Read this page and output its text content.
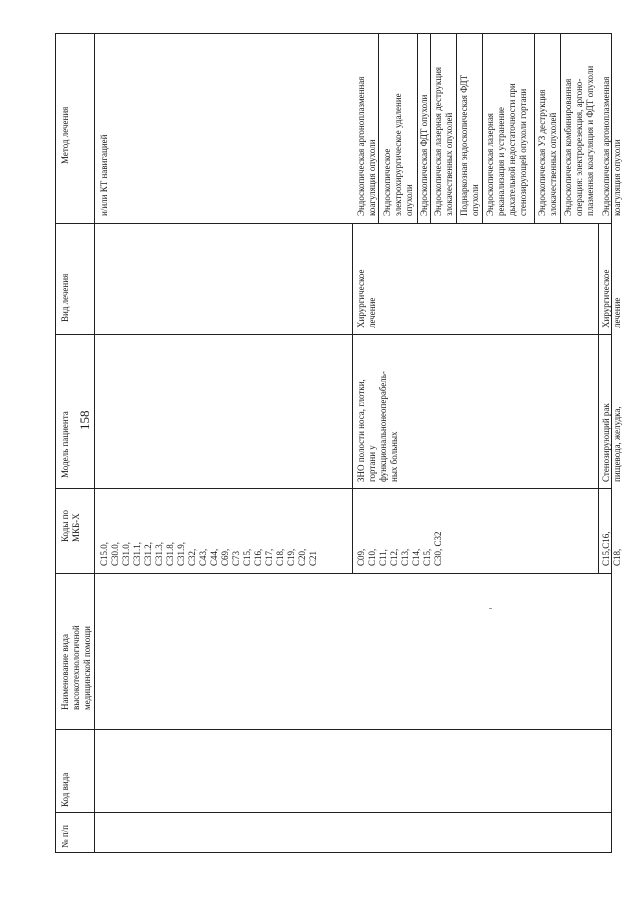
158
№ п/п
Код вида
Наименование вида высокотехнологичной медицинской помощи
Коды по МКБ-Х
Модель пациента
Вид лечения
Метод лечения
C15.0, C30.0, C31.0, C31.1, C31.2, C31.3, C31.8, C31.9, C32, C43, C44, C69, C73 C15, C16, C17, C18, C19, C20, C21
и/или КТ навигацией
C09, C10, C11, C12, C13, C14, C15, C30, C32
ЗНО полости носа, глотки, гортани у функциональнонеоперабель- ных больных
Хирургическое лечение
Эндоскопическая аргоноплазменная коагуляция опухоли Эндоскопическое электрохирургическое удаление опухоли Эндоскопическая ФДТ опухоли Эндоскопическая лазерная деструкция злокачественных опухолей Поднаркозная эндоскопическая ФДТ опухоли Эндоскопическая лазерная реканализация и устранение дыхательной недостаточности при стенозирующей опухоли гортани Эндоскопическая УЗ деструкция злокачественных опухолей Эндоскопическая комбинированная операция: электрорезекция, аргоно- плазменная коагуляция и ФДТ опухоли
C15,C16, C18,
Стенозирующий рак пищевода, желудка,
Хирургическое лечение
Эндоскопическая аргоноплазменная коагуляция опухоли
